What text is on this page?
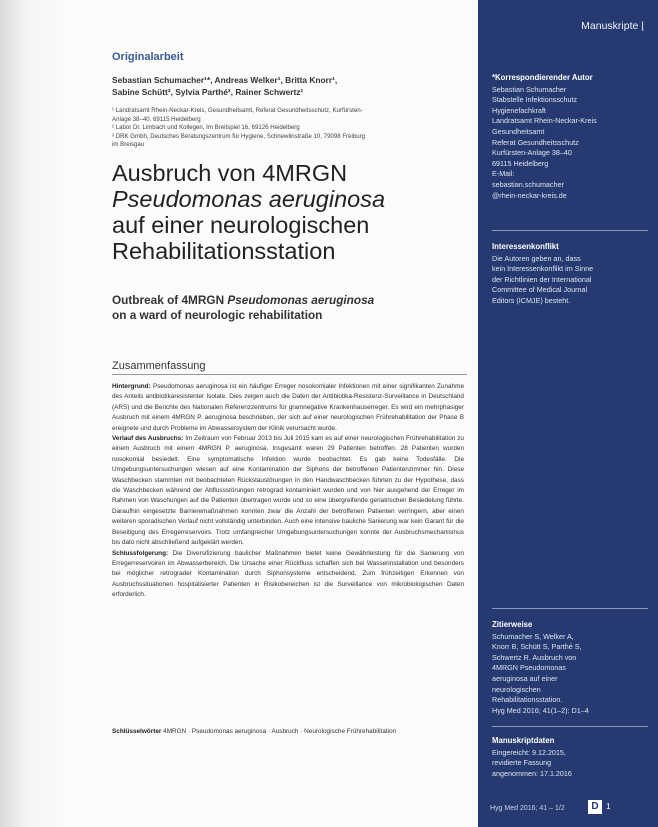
Originalarbeit
Sebastian Schumacher¹*, Andreas Welker¹, Britta Knorr¹,
Sabine Schütt², Sylvia Parthé², Rainer Schwertz¹
¹ Landratsamt Rhein-Neckar-Kreis, Gesundheitsamt, Referat Gesundheitsschutz, Kurfürsten-
Anlage 38–40, 69115 Heidelberg
² Labor Dr. Limbach und Kollegen, Im Breitspiel 16, 69126 Heidelberg
³ DRK Gmbh, Deutsches Beratungszentrum für Hygiene, Schnewlinstraße 10, 79098 Freiburg
im Breisgau
Ausbruch von 4MRGN
Pseudomonas aeruginosa
auf einer neurologischen
Rehabilitationsstation
Outbreak of 4MRGN Pseudomonas aeruginosa
on a ward of neurologic rehabilitation
Zusammenfassung

Hintergrund: Pseudomonas aeruginosa ist ein häufiger Erreger nosokomialer Infektionen mit einer signifikanten Zunahme des Anteils antibiotikaresistenter Isolate. Dies zeigen auch die Daten der Antibiotika-Resistenz-Surveillance in Deutschland (ARS) und die Berichte des Nationalen Referenzzentrums für gramnegative Krankenhauserreger. Es wird ein mehrphasiger Ausbruch mit einem 4MRGN P. aeruginosa beschrieben, der sich auf einer neurologischen Frührehabilitation der Phase B ereignete und durch Probleme im Abwassersystem der Klinik verursacht wurde.

Verlauf des Ausbruchs: Im Zeitraum von Februar 2013 bis Juli 2015 kam es auf einer neurologischen Frührehabilitation zu einem Ausbruch mit einem 4MRGN P. aeruginosa. Insgesamt waren 29 Patienten betroffen. 28 Patienten wurden nosokomial besiedelt. Eine symptomatische Infektion wurde beobachtet. Es gab keine Todesfälle. Die Umgebungsuntersuchungen wiesen auf eine Kontamination der Siphons der betroffenen Patientenzimmer hin. Diese Waschbecken stammten mit beobachteten Rückstaustörungen in den Handwaschbecken führten zu der Hypothese, dass die Waschbecken während der Abflussstörungen retrograd kontaminiert wurden und von hier ausgehend der Erreger im Rahmen von Waschungen auf die Patienten übertragen wurde und so eine übergreifende geriatrischen Besiedelung führte. Daraufhin eingesetzte Barrieremaßnahmen konnten zwar die Anzahl der betroffenen Patienten verringern, aber einen weiteren sporadischen Verlauf nicht vollständig unterbinden. Auch eine intensive bauliche Sanierung war kein Garant für die Beseitigung des Erregerreservoirs. Trotz umfangreicher Umgebungsuntersuchungen konnte der Ausbruchsmechanismus bis dato nicht abschließend aufgeklärt werden.

Schlussfolgerung: Die Diversifizierung baulicher Maßnahmen bietet keine Gewährleistung für die Sanierung von Erregerreservoiren im Abwasserbereich. Die Ursache einer Rückfluss schaffen sich bei Wasserinstallation und besonders bei möglicher retrograder Kontamination durch Siphonsysteme entscheidend. Zum frühzeitigen Erkennen von Ausbruchssituationen hospitalisierter Patienten in Risikobereichen ist die Surveillance von mikrobiologischen Daten erforderlich.

Schlüsselwörter 4MRGN · Pseudomonas aeruginosa · Ausbruch · Neurologische Frührehabilitation
Manuskripte |
*Korrespondierender Autor
Sebastian Schumacher
Stabstelle Infektionsschutz
Hygienefachkraft
Landratsamt Rhein-Neckar-Kreis
Gesundheitsamt
Referat Gesundheitsschutz
Kurfürsten-Anlage 38–40
69115 Heidelberg
E-Mail:
sebastian.schumacher
@rhein-neckar-kreis.de
Interessenkonflikt
Die Autoren geben an, dass
kein Interessenkonflikt im Sinne
der Richtlinien der International
Committee of Medical Journal
Editors (ICMJE) besteht.
Zitierweise
Schumacher S, Welker A,
Knorr B, Schütt S, Parthé S,
Schwertz R. Ausbruch von
4MRGN Pseudomonas
aeruginosa auf einer
neurologischen
Rehabilitationsstation.
Hyg Med 2016; 41(1–2): D1–4
Manuskriptdaten
Eingereicht: 9.12.2015,
revidierte Fassung
angenommen: 17.1.2016
Hyg Med 2016; 41 – 1/2	D 1
